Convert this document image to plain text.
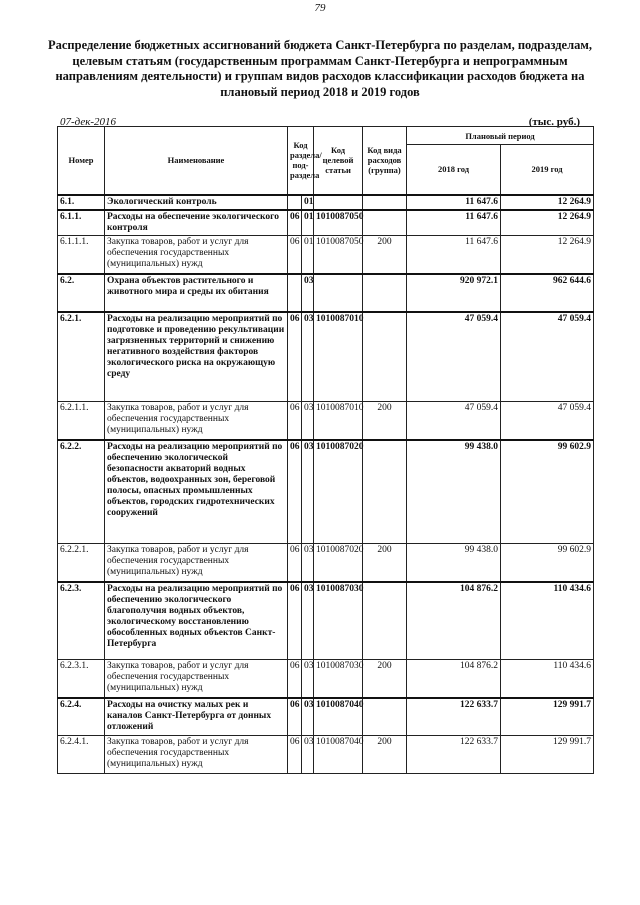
79
Распределение бюджетных ассигнований бюджета Санкт-Петербурга по разделам, подразделам, целевым статьям (государственным программам Санкт-Петербурга и непрограммным направлениям деятельности) и группам видов расходов классификации расходов бюджета на плановый период 2018 и 2019 годов
07-дек-2016	(тыс. руб.)
Номер	Наименование	Код раздела/ под-раздела		Код целевой статьи	Код вида расходов (группа)	Плановый период	
						2018 год	2019 год
6.1.	Экологический контроль		01			11 647.6	12 264.9
6.1.1.	Расходы на обеспечение экологического контроля	06	01	1010087050		11 647.6	12 264.9
6.1.1.1.	Закупка товаров, работ и услуг для обеспечения государственных (муниципальных) нужд	06	01	1010087050	200	11 647.6	12 264.9
6.2.	Охрана объектов растительного и животного мира и среды их обитания		03			920 972.1	962 644.6
6.2.1.	Расходы на реализацию мероприятий по подготовке и проведению рекультивации загрязненных территорий и снижению негативного воздействия факторов экологического риска на окружающую среду	06	03	1010087010		47 059.4	47 059.4
6.2.1.1.	Закупка товаров, работ и услуг для обеспечения государственных (муниципальных) нужд	06	03	1010087010	200	47 059.4	47 059.4
6.2.2.	Расходы на реализацию мероприятий по обеспечению экологической безопасности акваторий водных объектов, водоохранных зон, береговой полосы, опасных промышленных объектов, городских гидротехнических сооружений	06	03	1010087020		99 438.0	99 602.9
6.2.2.1.	Закупка товаров, работ и услуг для обеспечения государственных (муниципальных) нужд	06	03	1010087020	200	99 438.0	99 602.9
6.2.3.	Расходы на реализацию мероприятий по обеспечению экологического благополучия водных объектов, экологическому восстановлению обособленных водных объектов Санкт-Петербурга	06	03	1010087030		104 876.2	110 434.6
6.2.3.1.	Закупка товаров, работ и услуг для обеспечения государственных (муниципальных) нужд	06	03	1010087030	200	104 876.2	110 434.6
6.2.4.	Расходы на очистку малых рек и каналов Санкт-Петербурга от донных отложений	06	03	1010087040		122 633.7	129 991.7
6.2.4.1.	Закупка товаров, работ и услуг для обеспечения государственных (муниципальных) нужд	06	03	1010087040	200	122 633.7	129 991.7
